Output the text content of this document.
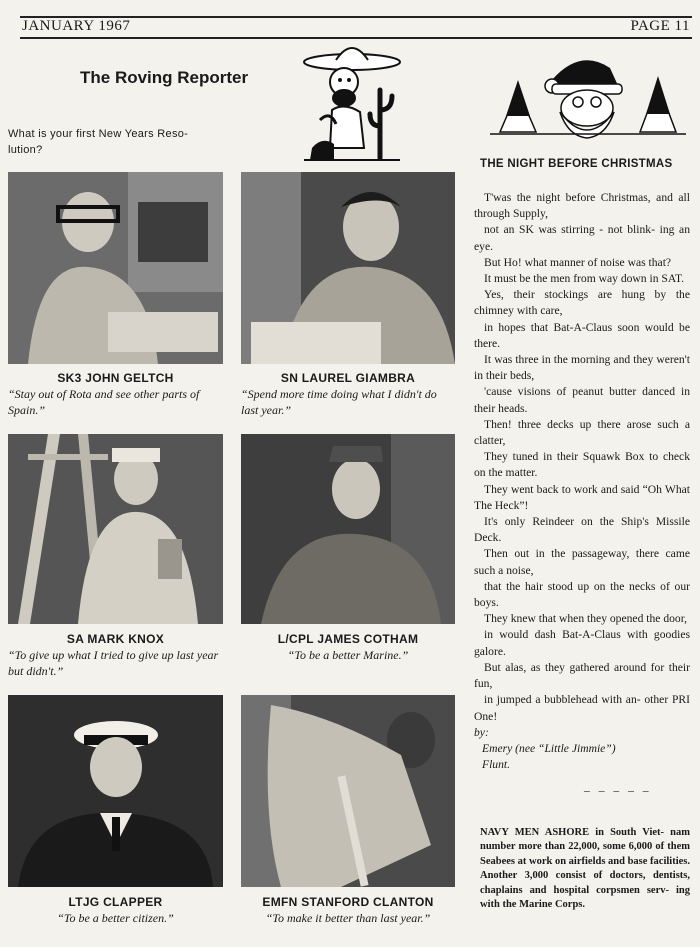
JANUARY 1967	PAGE 11
The Roving Reporter
What is your first New Years Reso- lution?
SK3 JOHN GELTCH
“Stay out of Rota and see other parts of Spain.”
SN LAUREL GIAMBRA
“Spend more time doing what I didn't do last year.”
SA MARK KNOX
“To give up what I tried to give up last year but didn't.”
L/CPL JAMES COTHAM
“To be a better Marine.”
LTJG CLAPPER
“To be a better citizen.”
EMFN STANFORD CLANTON
“To make it better than last year.”
THE NIGHT BEFORE CHRISTMAS

T'was the night before Christmas, and all through Supply,

not an SK was stirring - not blink- ing an eye.

But Ho! what manner of noise was that?

It must be the men from way down in SAT.

Yes, their stockings are hung by the chimney with care,

in hopes that Bat-A-Claus soon would be there.

It was three in the morning and they weren't in their beds,

'cause visions of peanut butter danced in their heads.

Then! three decks up there arose such a clatter,

They tuned in their Squawk Box to check on the matter.

They went back to work and said “Oh What The Heck”!

It's only Reindeer on the Ship's Missile Deck.

Then out in the passageway, there came such a noise,

that the hair stood up on the necks of our boys.

They knew that when they opened the door,

in would dash Bat-A-Claus with goodies galore.

But alas, as they gathered around for their fun,

in jumped a bubblehead with an- other PRI One!

by:

Emery (nee “Little Jimmie”)

Flunt.

_ _ _ _ _

NAVY MEN ASHORE in South Viet- nam number more than 22,000, some 6,000 of them Seabees at work on airfields and base facilities. Another 3,000 consist of doctors, dentists, chaplains and hospital corpsmen serv- ing with the Marine Corps.
